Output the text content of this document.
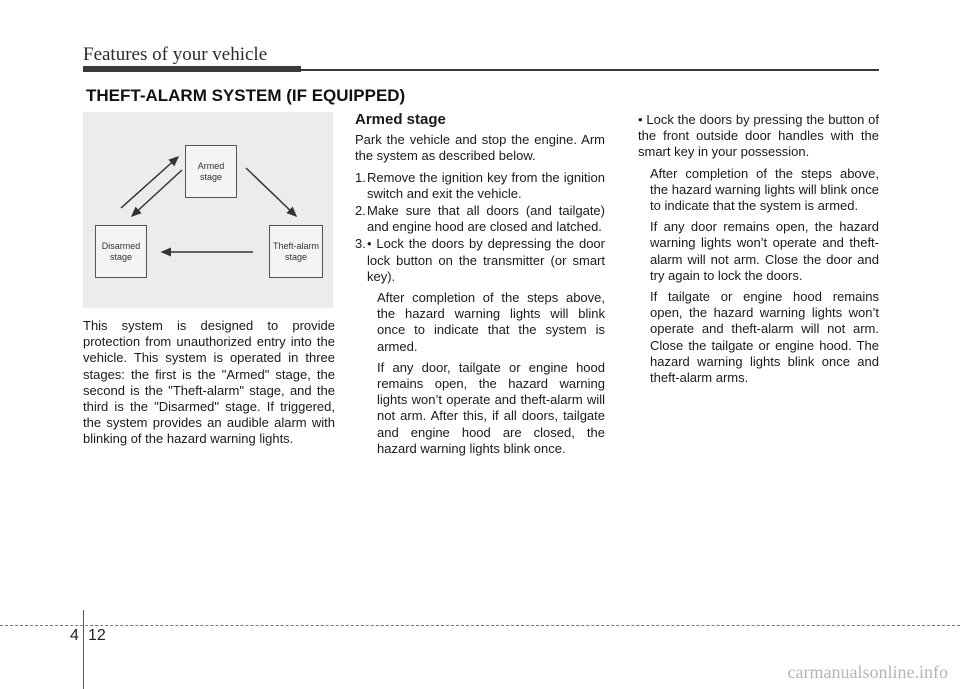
Features of your vehicle
THEFT-ALARM SYSTEM (IF EQUIPPED)
Armed stage
Disarmed stage
Theft-alarm stage

This system is designed to provide protection from unauthorized entry into the vehicle. This system is operated in three stages: the first is the "Armed" stage, the second is the "Theft-alarm" stage, and the third is the "Disarmed" stage. If triggered, the system provides an audible alarm with blinking of the hazard warning lights.

Armed stage

Park the vehicle and stop the engine. Arm the system as described below.

1. Remove the ignition key from the ignition switch and exit the vehicle.
2. Make sure that all doors (and tailgate) and engine hood are closed and latched.
3. • Lock the doors by depressing the door lock button on the transmitter (or smart key).

After completion of the steps above, the hazard warning lights will blink once to indicate that the system is armed.

If any door, tailgate or engine hood remains open, the hazard warning lights won’t operate and theft-alarm will not arm. After this, if all doors, tailgate and engine hood are closed, the hazard warning lights blink once.

• Lock the doors by pressing the button of the front outside door handles with the smart key in your possession.

After completion of the steps above, the hazard warning lights will blink once to indicate that the system is armed.

If any door remains open, the hazard warning lights won’t operate and theft-alarm will not arm. Close the door and try again to lock the doors.

If tailgate or engine hood remains open, the hazard warning lights won’t operate and theft-alarm will not arm. Close the tailgate or engine hood. The hazard warning lights blink once and theft-alarm arms.

4 12
carmanualsonline.info
